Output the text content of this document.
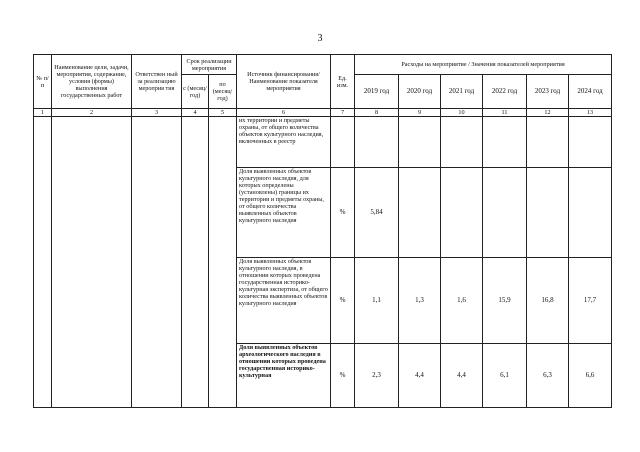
3
№ п/п	Наименование цели, задачи, мероприятия, содержание, условия (формы) выполнения государственных работ	Ответствен ный за реализацию мероприя тия	Срок реализации мероприятия		Источник финансирования/ Наименование показателя мероприятия	Ед. изм.	Расходы на мероприятие / Значения показателей мероприятия					
			с (месяц/ год)	по (месяц/ год)			2019 год	2020 год	2021 год	2022 год	2023 год	2024 год
1	2	3	4	5	6	7	8	9	10	11	12	13
					их территории и предметы охраны, от общего количества объектов культурного наследия, включенных в реестр							
					Доля выявленных объектов культурного наследия, для которых определены (установлены) границы их территории и предметы охраны, от общего количества выявленных объектов культурного наследия	%	5,84					
					Доля выявленных объектов культурного наследия, в отношении которых проведена государственная историко-культурная экспертиза, от общего количества выявленных объектов культурного наследия	%	1,1	1,3	1,6	15,9	16,8	17,7
					Доля выявленных объектов археологического наследия в отношении которых проведена государственная историко-культурная	%	2,3	4,4	4,4	6,1	6,3	6,6
